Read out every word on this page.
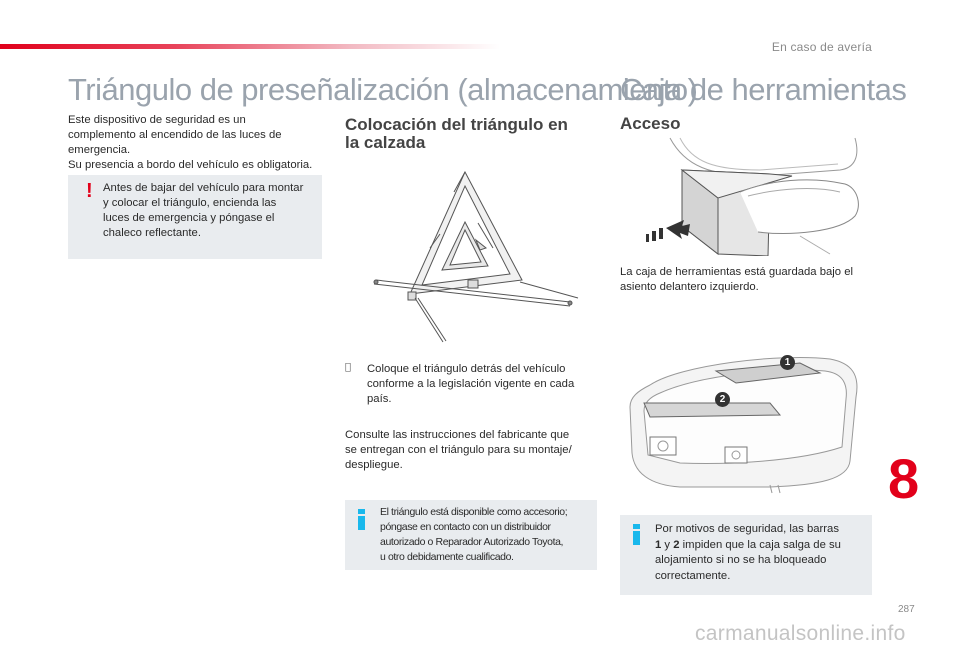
En caso de avería
Triángulo de preseñalización (almacenamiento)
Caja de herramientas

Este dispositivo de seguridad es un

complemento al encendido de las luces de

emergencia.

Su presencia a bordo del vehículo es obligatoria.

! Antes de bajar del vehículo para montar

y colocar el triángulo, encienda las

luces de emergencia y póngase el

chaleco reflectante.

Colocación del triángulo en
la calzada

Coloque el triángulo detrás del vehículo

conforme a la legislación vigente en cada

país.

Consulte las instrucciones del fabricante que

se entregan con el triángulo para su montaje/

despliegue.

El triángulo está disponible como accesorio;

póngase en contacto con un distribuidor

autorizado o Reparador Autorizado Toyota,

u otro debidamente cualificado.

Acceso

La caja de herramientas está guardada bajo el

asiento delantero izquierdo.

1
2

Por motivos de seguridad, las barras

1 y 2 impiden que la caja salga de su

alojamiento si no se ha bloqueado

correctamente.

8
287
carmanualsonline.info
